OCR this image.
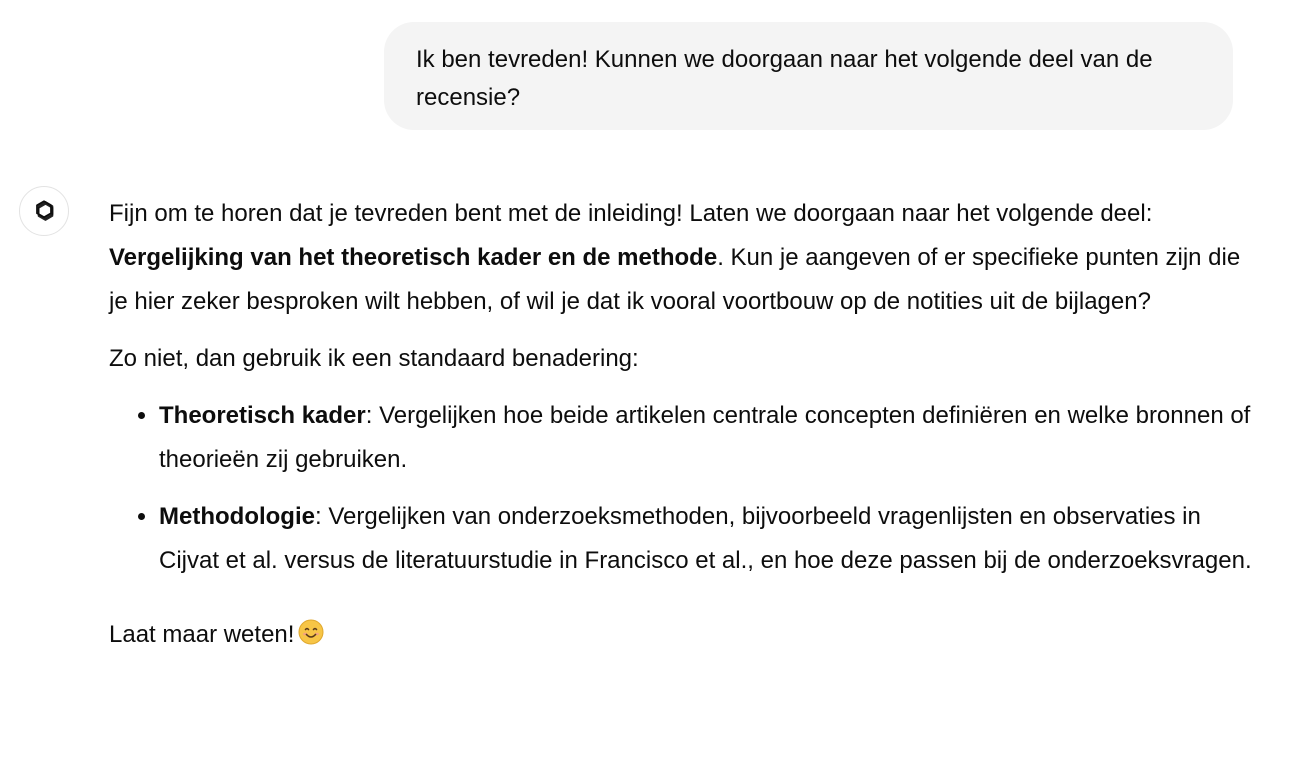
Ik ben tevreden! Kunnen we doorgaan naar het volgende deel van de recensie?

Fijn om te horen dat je tevreden bent met de inleiding! Laten we doorgaan naar het volgende deel: Vergelijking van het theoretisch kader en de methode. Kun je aangeven of er specifieke punten zijn die je hier zeker besproken wilt hebben, of wil je dat ik vooral voortbouw op de notities uit de bijlagen?

Zo niet, dan gebruik ik een standaard benadering:

• Theoretisch kader: Vergelijken hoe beide artikelen centrale concepten definiëren en welke bronnen of theorieën zij gebruiken.
• Methodologie: Vergelijken van onderzoeksmethoden, bijvoorbeeld vragenlijsten en observaties in Cijvat et al. versus de literatuurstudie in Francisco et al., en hoe deze passen bij de onderzoeksvragen.

Laat maar weten!
